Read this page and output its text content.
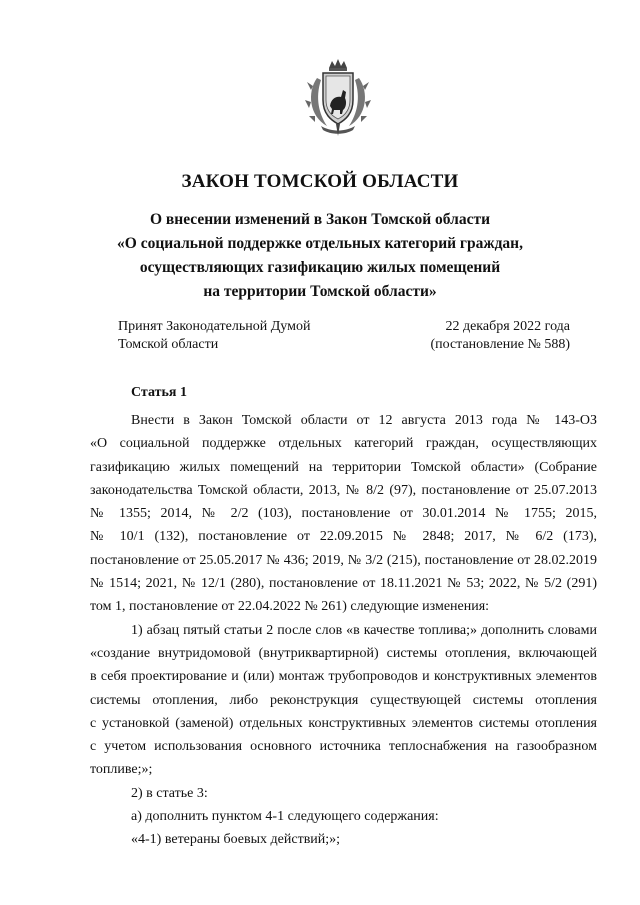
ЗАКОН ТОМСКОЙ ОБЛАСТИ
О внесении изменений в Закон Томской области
«О социальной поддержке отдельных категорий граждан,
осуществляющих газификацию жилых помещений
на территории Томской области»
Принят Законодательной Думой
Томской области
22 декабря 2022 года
(постановление № 588)
Статья 1
Внести в Закон Томской области от 12 августа 2013 года № 143-ОЗ
«О социальной поддержке отдельных категорий граждан, осуществляющих
газификацию жилых помещений на территории Томской области» (Собрание
законодательства Томской области, 2013, № 8/2 (97), постановление от 25.07.2013
№ 1355; 2014, № 2/2 (103), постановление от 30.01.2014 № 1755; 2015,
№ 10/1 (132), постановление от 22.09.2015 № 2848; 2017, № 6/2 (173),
постановление от 25.05.2017 № 436; 2019, № 3/2 (215), постановление от 28.02.2019
№ 1514; 2021, № 12/1 (280), постановление от 18.11.2021 № 53; 2022, № 5/2 (291)
том 1, постановление от 22.04.2022 № 261) следующие изменения:
1) абзац пятый статьи 2 после слов «в качестве топлива;» дополнить словами
«создание внутридомовой (внутриквартирной) системы отопления, включающей
в себя проектирование и (или) монтаж трубопроводов и конструктивных элементов
системы отопления, либо реконструкция существующей системы отопления
с установкой (заменой) отдельных конструктивных элементов системы отопления
с учетом использования основного источника теплоснабжения на газообразном
топливе;»;
2) в статье 3:
а) дополнить пунктом 4-1 следующего содержания:
«4-1) ветераны боевых действий;»;
